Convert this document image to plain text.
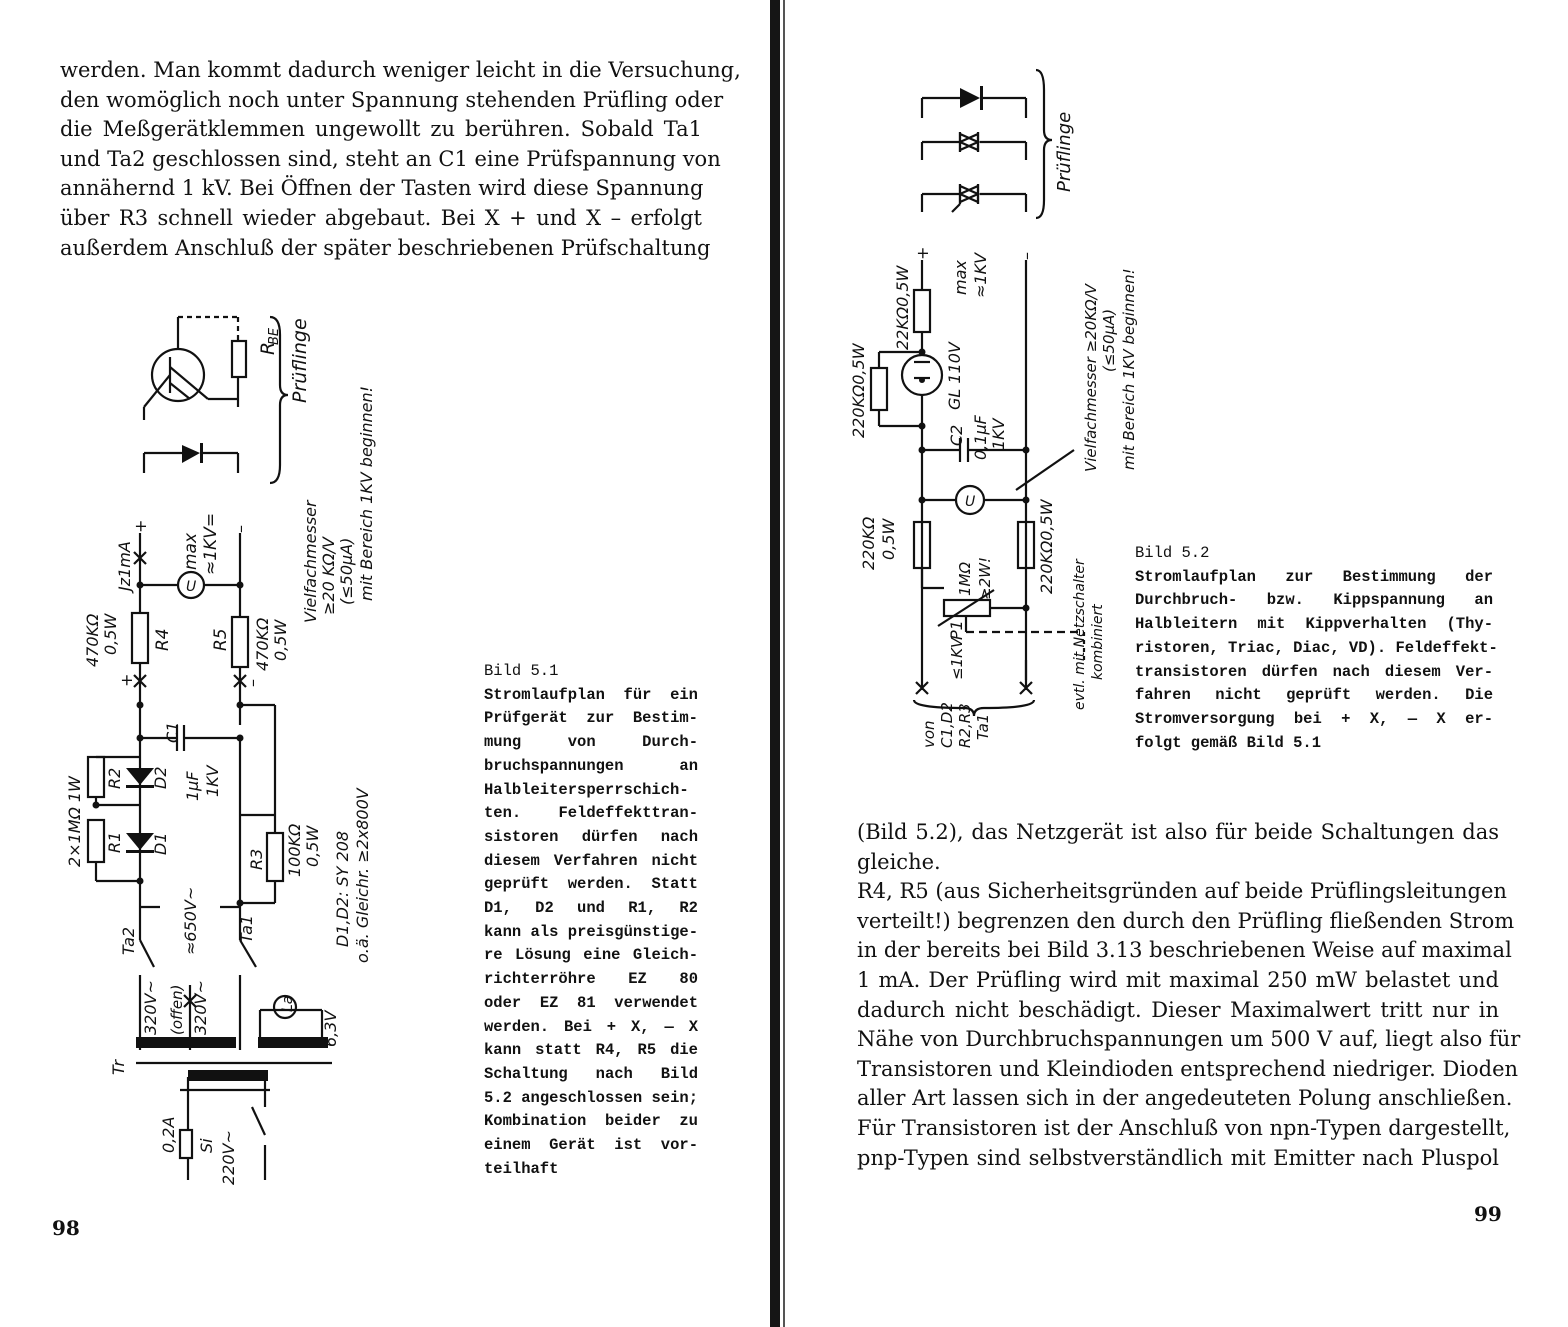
werden. Man kommt dadurch weniger leicht in die Versuchung,
den womöglich noch unter Spannung stehenden Prüfling oder
die Meßgerätklemmen ungewollt zu berühren. Sobald Ta1
und Ta2 geschlossen sind, steht an C1 eine Prüfspannung von
annähernd 1 kV. Bei Öffnen der Tasten wird diese Spannung
über R3 schnell wieder abgebaut. Bei X + und X – erfolgt
außerdem Anschluß der später beschriebenen Prüfschaltung
U
R
BE Prüflinge
Vielfachmesser ≥20 KΩ/V (≤50µA) mit Bereich 1KV beginnen!
max ≈1KV=
Jz1mA
+	–
470KΩ 0,5W R4 R5 470KΩ 0,5W
+	–
C1
1µF 1KV
R2
R1
D2
D1
2×1MΩ 1W	R3 100KΩ 0,5W D1,D2: SY 208 o.ä. Gleichr. ≥2x800V
Ta2	Ta1
≈650V~
La
320V~ (offen) 320V~	6,3V
Tr
0,2A Si 220V~
Bild 5.1
Stromlaufplan für ein
Prüfgerät zur Bestim-
mung von Durch-
bruchspannungen an
Halbleitersperrschich-
ten. Feldeffekttran-
sistoren dürfen nach
diesem Verfahren nicht
geprüft werden. Statt
D1, D2 und R1, R2
kann als preisgünstige-
re Lösung eine Gleich-
richterröhre EZ 80
oder EZ 81 verwendet
werden. Bei + X, — X
kann statt R4, R5 die
Schaltung nach Bild
5.2 angeschlossen sein;
Kombination beider zu
einem Gerät ist vor-
teilhaft
98
U
Prüflinge
22KΩ0,5W
+	–
max ≈1KV
220KΩ0,5W	GL 110V
C2 0,1µF 1KV	Vielfachmesser ≥20KΩ/V (≤50µA) mit Bereich 1KV beginnen!
220KΩ 0,5W
1MΩ ≥2W!
P1
220KΩ0,5W
evtl. mit Netzschalter kombiniert
≤1KV
von C1,D2 R2,R3 Ta1
Bild 5.2
Stromlaufplan zur Bestimmung der
Durchbruch- bzw. Kippspannung an
Halbleitern mit Kippverhalten (Thy-
ristoren, Triac, Diac, VD). Feldeffekt-
transistoren dürfen nach diesem Ver-
fahren nicht geprüft werden. Die
Stromversorgung bei + X, — X er-
folgt gemäß Bild 5.1
(Bild 5.2), das Netzgerät ist also für beide Schaltungen das
gleiche.
R4, R5 (aus Sicherheitsgründen auf beide Prüflingsleitungen
verteilt!) begrenzen den durch den Prüfling fließenden Strom
in der bereits bei Bild 3.13 beschriebenen Weise auf maximal
1 mA. Der Prüfling wird mit maximal 250 mW belastet und
dadurch nicht beschädigt. Dieser Maximalwert tritt nur in
Nähe von Durchbruchspannungen um 500 V auf, liegt also für
Transistoren und Kleindioden entsprechend niedriger. Dioden
aller Art lassen sich in der angedeuteten Polung anschließen.
Für Transistoren ist der Anschluß von npn-Typen dargestellt,
pnp-Typen sind selbstverständlich mit Emitter nach Pluspol
99
